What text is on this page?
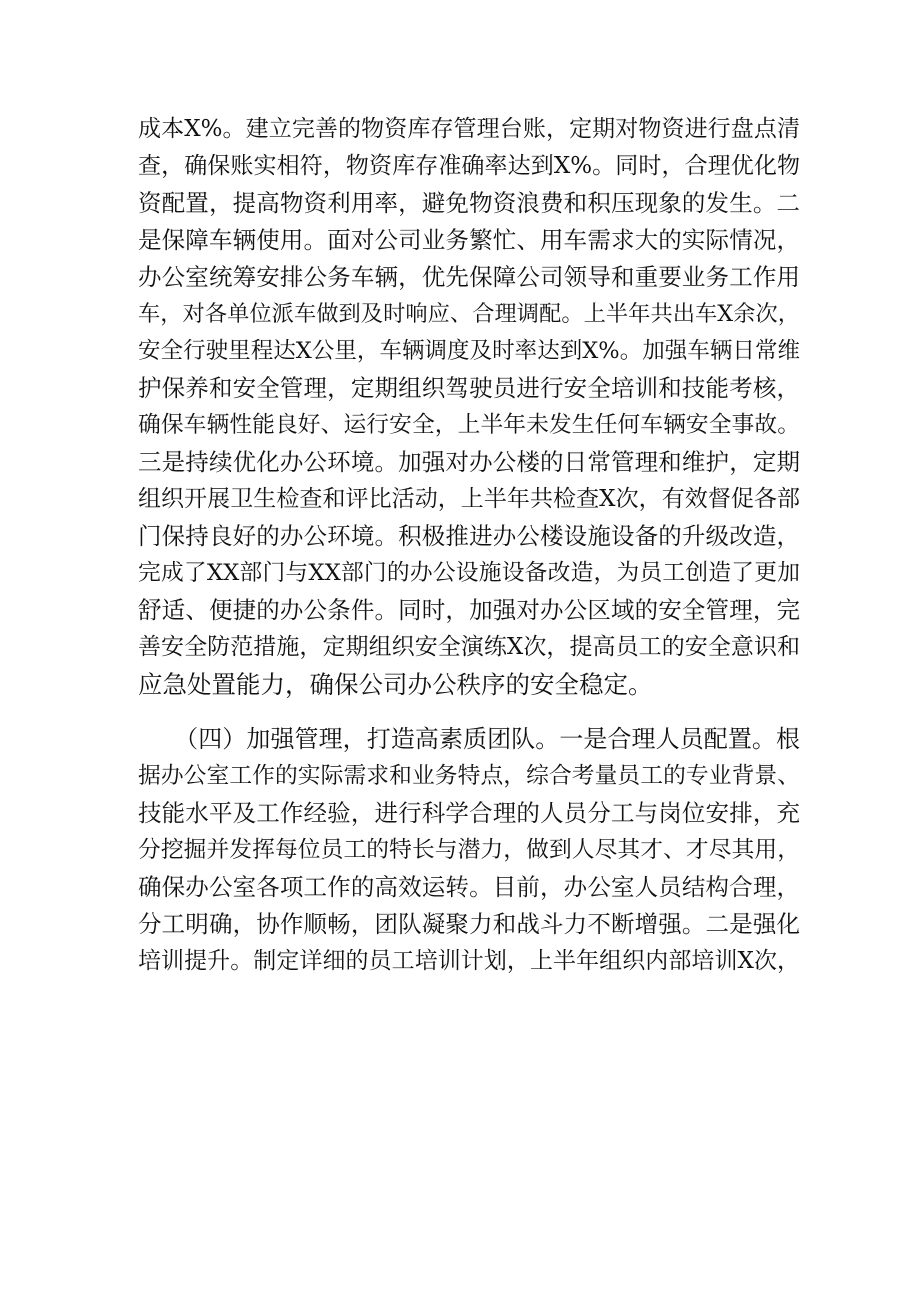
成本X%。建立完善的物资库存管理台账，定期对物资进行盘点清
查，确保账实相符，物资库存准确率达到X%。同时，合理优化物
资配置，提高物资利用率，避免物资浪费和积压现象的发生。二
是保障车辆使用。面对公司业务繁忙、用车需求大的实际情况，
办公室统筹安排公务车辆，优先保障公司领导和重要业务工作用
车，对各单位派车做到及时响应、合理调配。上半年共出车X余次，
安全行驶里程达X公里，车辆调度及时率达到X%。加强车辆日常维
护保养和安全管理，定期组织驾驶员进行安全培训和技能考核，
确保车辆性能良好、运行安全，上半年未发生任何车辆安全事故。
三是持续优化办公环境。加强对办公楼的日常管理和维护，定期
组织开展卫生检查和评比活动，上半年共检查X次，有效督促各部
门保持良好的办公环境。积极推进办公楼设施设备的升级改造，
完成了XX部门与XX部门的办公设施设备改造，为员工创造了更加
舒适、便捷的办公条件。同时，加强对办公区域的安全管理，完
善安全防范措施，定期组织安全演练X次，提高员工的安全意识和
应急处置能力，确保公司办公秩序的安全稳定。
　　（四）加强管理，打造高素质团队。一是合理人员配置。根
据办公室工作的实际需求和业务特点，综合考量员工的专业背景、
技能水平及工作经验，进行科学合理的人员分工与岗位安排，充
分挖掘并发挥每位员工的特长与潜力，做到人尽其才、才尽其用，
确保办公室各项工作的高效运转。目前，办公室人员结构合理，
分工明确，协作顺畅，团队凝聚力和战斗力不断增强。二是强化
培训提升。制定详细的员工培训计划，上半年组织内部培训X次，
